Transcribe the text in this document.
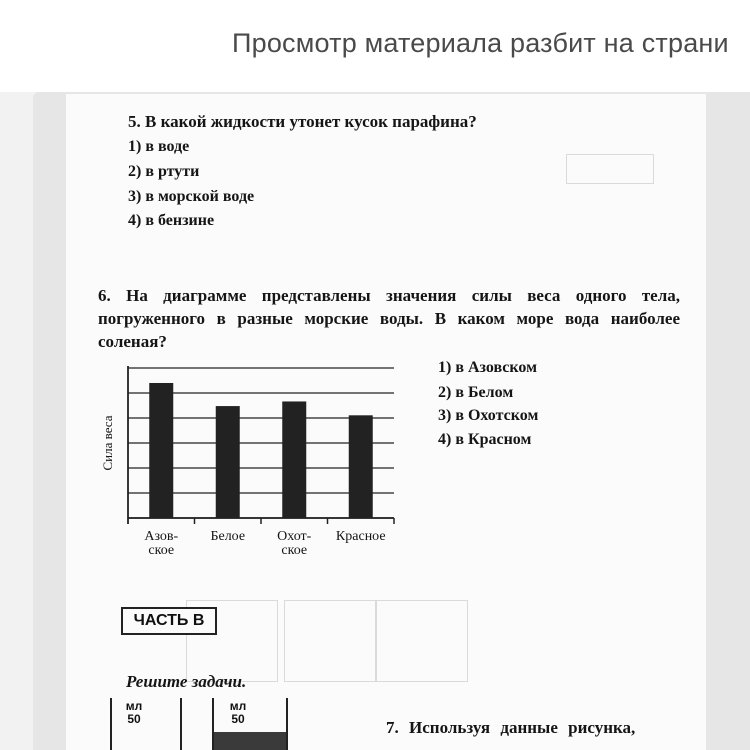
Просмотр материала разбит на страни
5. В какой жидкости утонет кусок парафина?
1) в воде
2) в ртути
3) в морской воде
4) в бензине
6. На диаграмме представлены значения силы веса одного тела, погруженного в разные морские воды. В каком море вода наиболее соленая?
Азов-
ское
Белое Охот-
ское
Красное
Сила веса
1) в Азовском
2) в Белом
3) в Охотском
4) в Красном
ЧАСТЬ В
Решите задачи.
мл
50
мл
50	7. Используя данные рисунка,
